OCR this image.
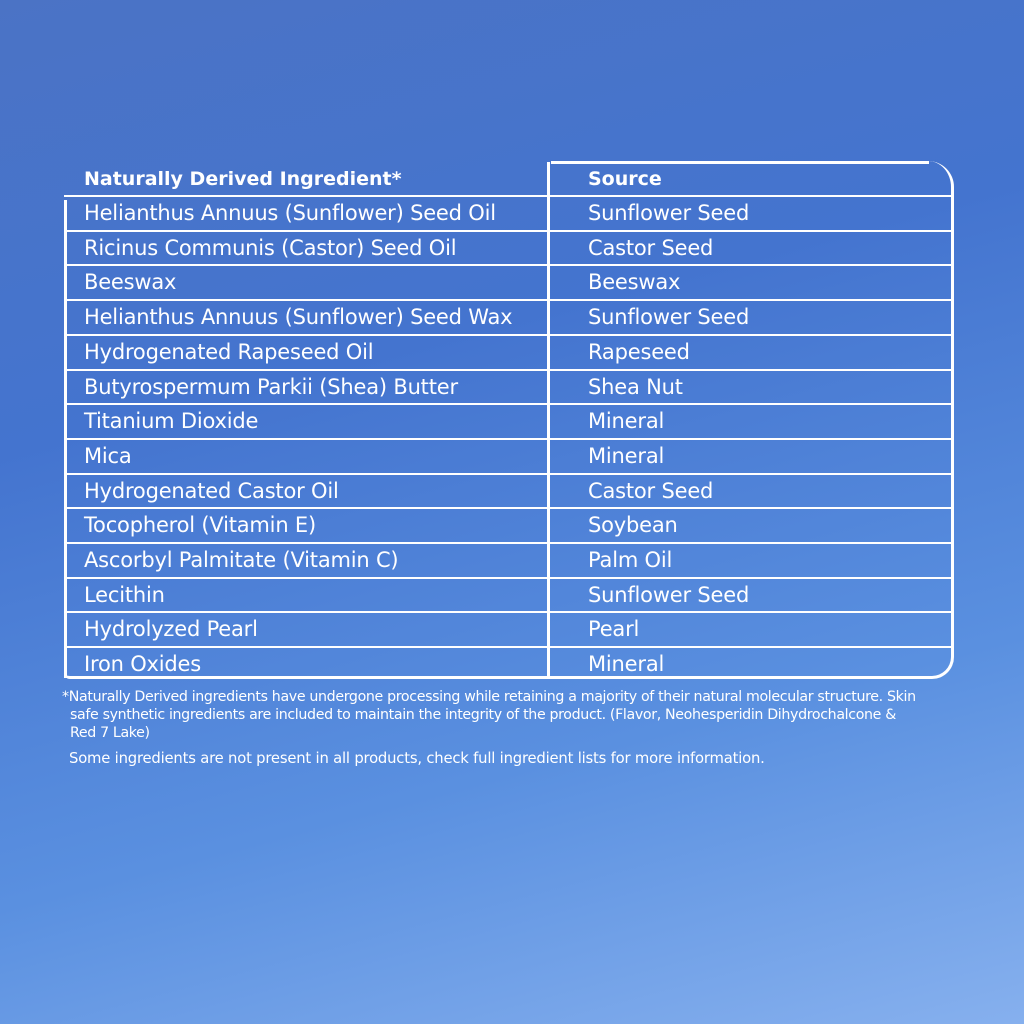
Naturally Derived Ingredient*	Source
Helianthus Annuus (Sunflower) Seed Oil	Sunflower Seed
Ricinus Communis (Castor) Seed Oil	Castor Seed
Beeswax	Beeswax
Helianthus Annuus (Sunflower) Seed Wax	Sunflower Seed
Hydrogenated Rapeseed Oil	Rapeseed
Butyrospermum Parkii (Shea) Butter	Shea Nut
Titanium Dioxide	Mineral
Mica	Mineral
Hydrogenated Castor Oil	Castor Seed
Tocopherol (Vitamin E)	Soybean
Ascorbyl Palmitate (Vitamin C)	Palm Oil
Lecithin	Sunflower Seed
Hydrolyzed Pearl	Pearl
Iron Oxides	Mineral
*Naturally Derived ingredients have undergone processing while retaining a majority of their natural molecular structure. Skin
safe synthetic ingredients are included to maintain the integrity of the product. (Flavor, Neohesperidin Dihydrochalcone &
Red 7 Lake)
Some ingredients are not present in all products, check full ingredient lists for more information.
